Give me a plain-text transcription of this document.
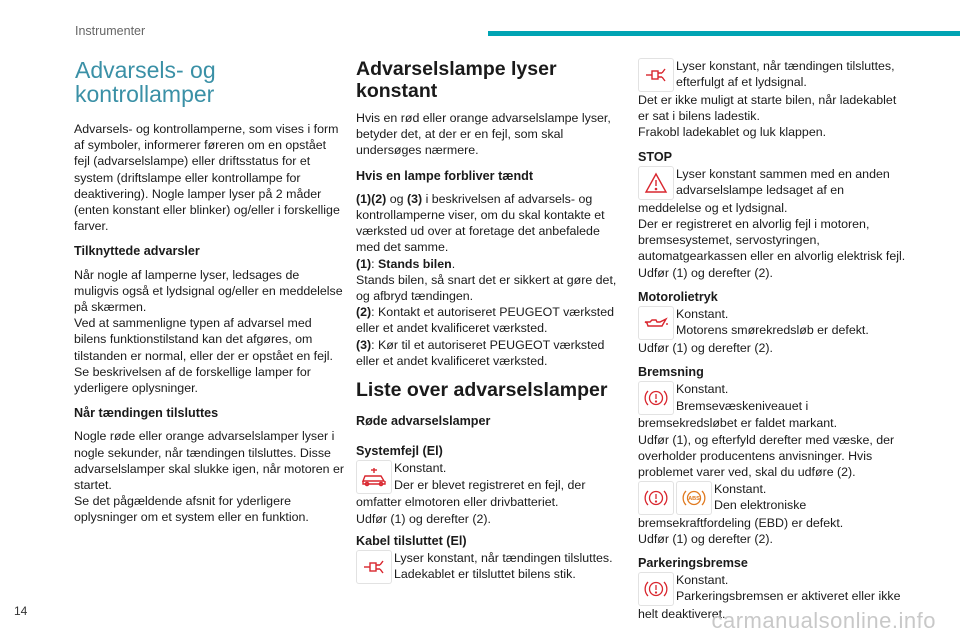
Instrumenter
Advarsels- og kontrollamper

Advarsels- og kontrollamperne, som vises i form af symboler, informerer føreren om en opstået fejl (advarselslampe) eller driftsstatus for et system (driftslampe eller kontrollampe for deaktivering). Nogle lamper lyser på 2 måder (enten konstant eller blinker) og/eller i forskellige farver.

Tilknyttede advarsler

Når nogle af lamperne lyser, ledsages de muligvis også et lydsignal og/eller en meddelelse på skærmen.

Ved at sammenligne typen af advarsel med bilens funktionstilstand kan det afgøres, om tilstanden er normal, eller der er opstået en fejl. Se beskrivelsen af de forskellige lamper for yderligere oplysninger.

Når tændingen tilsluttes

Nogle røde eller orange advarselslamper lyser i nogle sekunder, når tændingen tilsluttes. Disse advarselslamper skal slukke igen, når motoren er startet.

Se det pågældende afsnit for yderligere oplysninger om et system eller en funktion.

Advarselslampe lyser konstant

Hvis en rød eller orange advarselslampe lyser, betyder det, at der er en fejl, som skal undersøges nærmere.

Hvis en lampe forbliver tændt

(1)(2) og (3) i beskrivelsen af advarsels- og kontrollamperne viser, om du skal kontakte et værksted ud over at foretage det anbefalede med det samme.

(1): Stands bilen.

Stands bilen, så snart det er sikkert at gøre det, og afbryd tændingen.

(2): Kontakt et autoriseret PEUGEOT værksted eller et andet kvalificeret værksted.

(3): Kør til et autoriseret PEUGEOT værksted eller et andet kvalificeret værksted.

Liste over advarselslamper
Røde advarselslamper
Systemfejl (El)

Konstant.

Der er blevet registreret en fejl, der

omfatter elmotoren eller drivbatteriet.

Udfør (1) og derefter (2).

Kabel tilsluttet (El)

Lyser konstant, når tændingen tilsluttes.

Ladekablet er tilsluttet bilens stik.

Lyser konstant, når tændingen tilsluttes,

efterfulgt af et lydsignal.

Det er ikke muligt at starte bilen, når ladekablet er sat i bilens ladestik.

Frakobl ladekablet og luk klappen.

STOP

Lyser konstant sammen med en anden

advarselslampe ledsaget af en

meddelelse og et lydsignal.

Der er registreret en alvorlig fejl i motoren, bremsesystemet, servostyringen, automatgearkassen eller en alvorlig elektrisk fejl.

Udfør (1) og derefter (2).

Motorolietryk

Konstant.

Motorens smørekredsløb er defekt.

Udfør (1) og derefter (2).

Bremsning

Konstant.

Bremsevæskeniveauet i

bremsekredsløbet er faldet markant.

Udfør (1), og efterfyld derefter med væske, der overholder producentens anvisninger. Hvis problemet varer ved, skal du udføre (2).

ABS

Konstant.

Den elektroniske

bremsekraftfordeling (EBD) er defekt.

Udfør (1) og derefter (2).

Parkeringsbremse

Konstant.

Parkeringsbremsen er aktiveret eller ikke

helt deaktiveret.

14	carmanualsonline.info
